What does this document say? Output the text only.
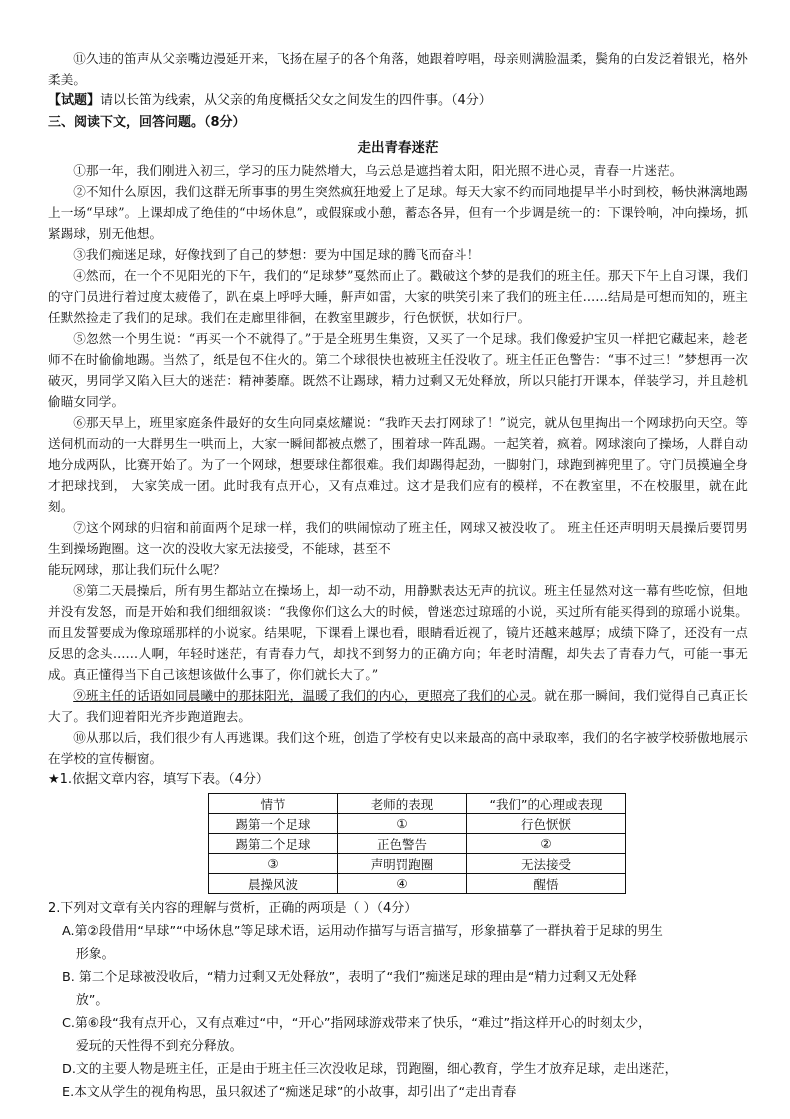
⑪久违的笛声从父亲嘴边漫延开来，飞扬在屋子的各个角落，她跟着哼唱，母亲则满脸温柔，鬓角的白发泛着银光，格外柔美。

【试题】请以长笛为线索，从父亲的角度概括父女之间发生的四件事。（4分）

三、阅读下文，回答问题。（8分）

走出青春迷茫

①那一年，我们刚进入初三，学习的压力陡然增大，乌云总是遮挡着太阳，阳光照不进心灵，青春一片迷茫。

②不知什么原因，我们这群无所事事的男生突然疯狂地爱上了足球。每天大家不约而同地提早半小时到校，畅快淋漓地踢上一场“早球”。上课却成了绝佳的“中场休息”，或假寐或小憩，蓄态各异，但有一个步调是统一的：下课铃响，冲向操场，抓紧踢球，别无他想。

③我们痴迷足球，好像找到了自己的梦想：要为中国足球的腾飞而奋斗！

④然而，在一个不见阳光的下午，我们的“足球梦”戛然而止了。戳破这个梦的是我们的班主任。那天下午上自习课，我们的守门员进行着过度太疲倦了，趴在桌上呼呼大睡，鼾声如雷，大家的哄笑引来了我们的班主任……结局是可想而知的，班主任默然捡走了我们的足球。我们在走廊里徘徊，在教室里踱步，行色恹恹，状如行尸。

⑤忽然一个男生说：“再买一个不就得了。”于是全班男生集资，又买了一个足球。我们像爱护宝贝一样把它藏起来，趁老师不在时偷偷地踢。当然了，纸是包不住火的。第二个球很快也被班主任没收了。班主任正色警告：“事不过三！”梦想再一次破灭，男同学又陷入巨大的迷茫：精神萎靡。既然不让踢球，精力过剩又无处释放，所以只能打开课本，佯装学习，并且趁机偷瞄女同学。

⑥那天早上，班里家庭条件最好的女生向同桌炫耀说：“我昨天去打网球了！”说完，就从包里掏出一个网球扔向天空。等送伺机而动的一大群男生一哄而上，大家一瞬间都被点燃了，围着球一阵乱踢。一起笑着，疯着。网球滚向了操场，人群自动地分成两队，比赛开始了。为了一个网球，想要球住都很难。我们却踢得起劲，一脚射门，球跑到裤兜里了。守门员摸遍全身才把球找到， 大家笑成一团。此时我有点开心，又有点难过。这才是我们应有的模样，不在教室里，不在校服里，就在此刻。

⑦这个网球的归宿和前面两个足球一样，我们的哄闹惊动了班主任，网球又被没收了。 班主任还声明明天晨操后要罚男生到操场跑圈。这一次的没收大家无法接受，不能球，甚至不

能玩网球，那让我们玩什么呢？

⑧第二天晨操后，所有男生都站立在操场上，却一动不动，用静默表达无声的抗议。班主任显然对这一幕有些吃惊，但地并没有发怒，而是开始和我们细细叙谈：“我像你们这么大的时候，曾迷恋过琼瑶的小说，买过所有能买得到的琼瑶小说集。而且发誓要成为像琼瑶那样的小说家。结果呢，下课看上课也看，眼睛看近视了，镜片还越来越厚；成绩下降了，还没有一点反思的念头……人啊，年轻时迷茫，有青春力气，却找不到努力的正确方向；年老时清醒，却失去了青春力气，可能一事无成。真正懂得当下自己该想该做什么事了，你们就长大了。”

⑨班主任的话语如同晨曦中的那抹阳光，温暖了我们的内心，更照亮了我们的心灵。就在那一瞬间，我们觉得自己真正长大了。我们迎着阳光齐步跑道跑去。

⑩从那以后，我们很少有人再逃课。我们这个班，创造了学校有史以来最高的高中录取率，我们的名字被学校骄傲地展示在学校的宣传橱窗。

★1.依据文章内容，填写下表。（4分）

情节	老师的表现	“我们”的心理或表现
踢第一个足球	①	行色恹恹
踢第二个足球	正色警告	②
③	声明罚跑圈	无法接受
晨操风波	④	醒悟

2.下列对文章有关内容的理解与赏析，正确的两项是（ ）（4分）

A.第②段借用“早球”“中场休息”等足球术语，运用动作描写与语言描写，形象描摹了一群执着于足球的男生

形象。

B. 第二个足球被没收后，“精力过剩又无处释放”，表明了“我们”痴迷足球的理由是“精力过剩又无处释

放”。

C.第⑥段“我有点开心，又有点难过“中，“开心”指网球游戏带来了快乐，“难过”指这样开心的时刻太少，

爱玩的天性得不到充分释放。

D.文的主要人物是班主任，正是由于班主任三次没收足球，罚跑圈，细心教育，学生才放弃足球，走出迷茫，

E.本文从学生的视角构思，虽只叙述了“痴迷足球”的小故事，却引出了“走出青春
